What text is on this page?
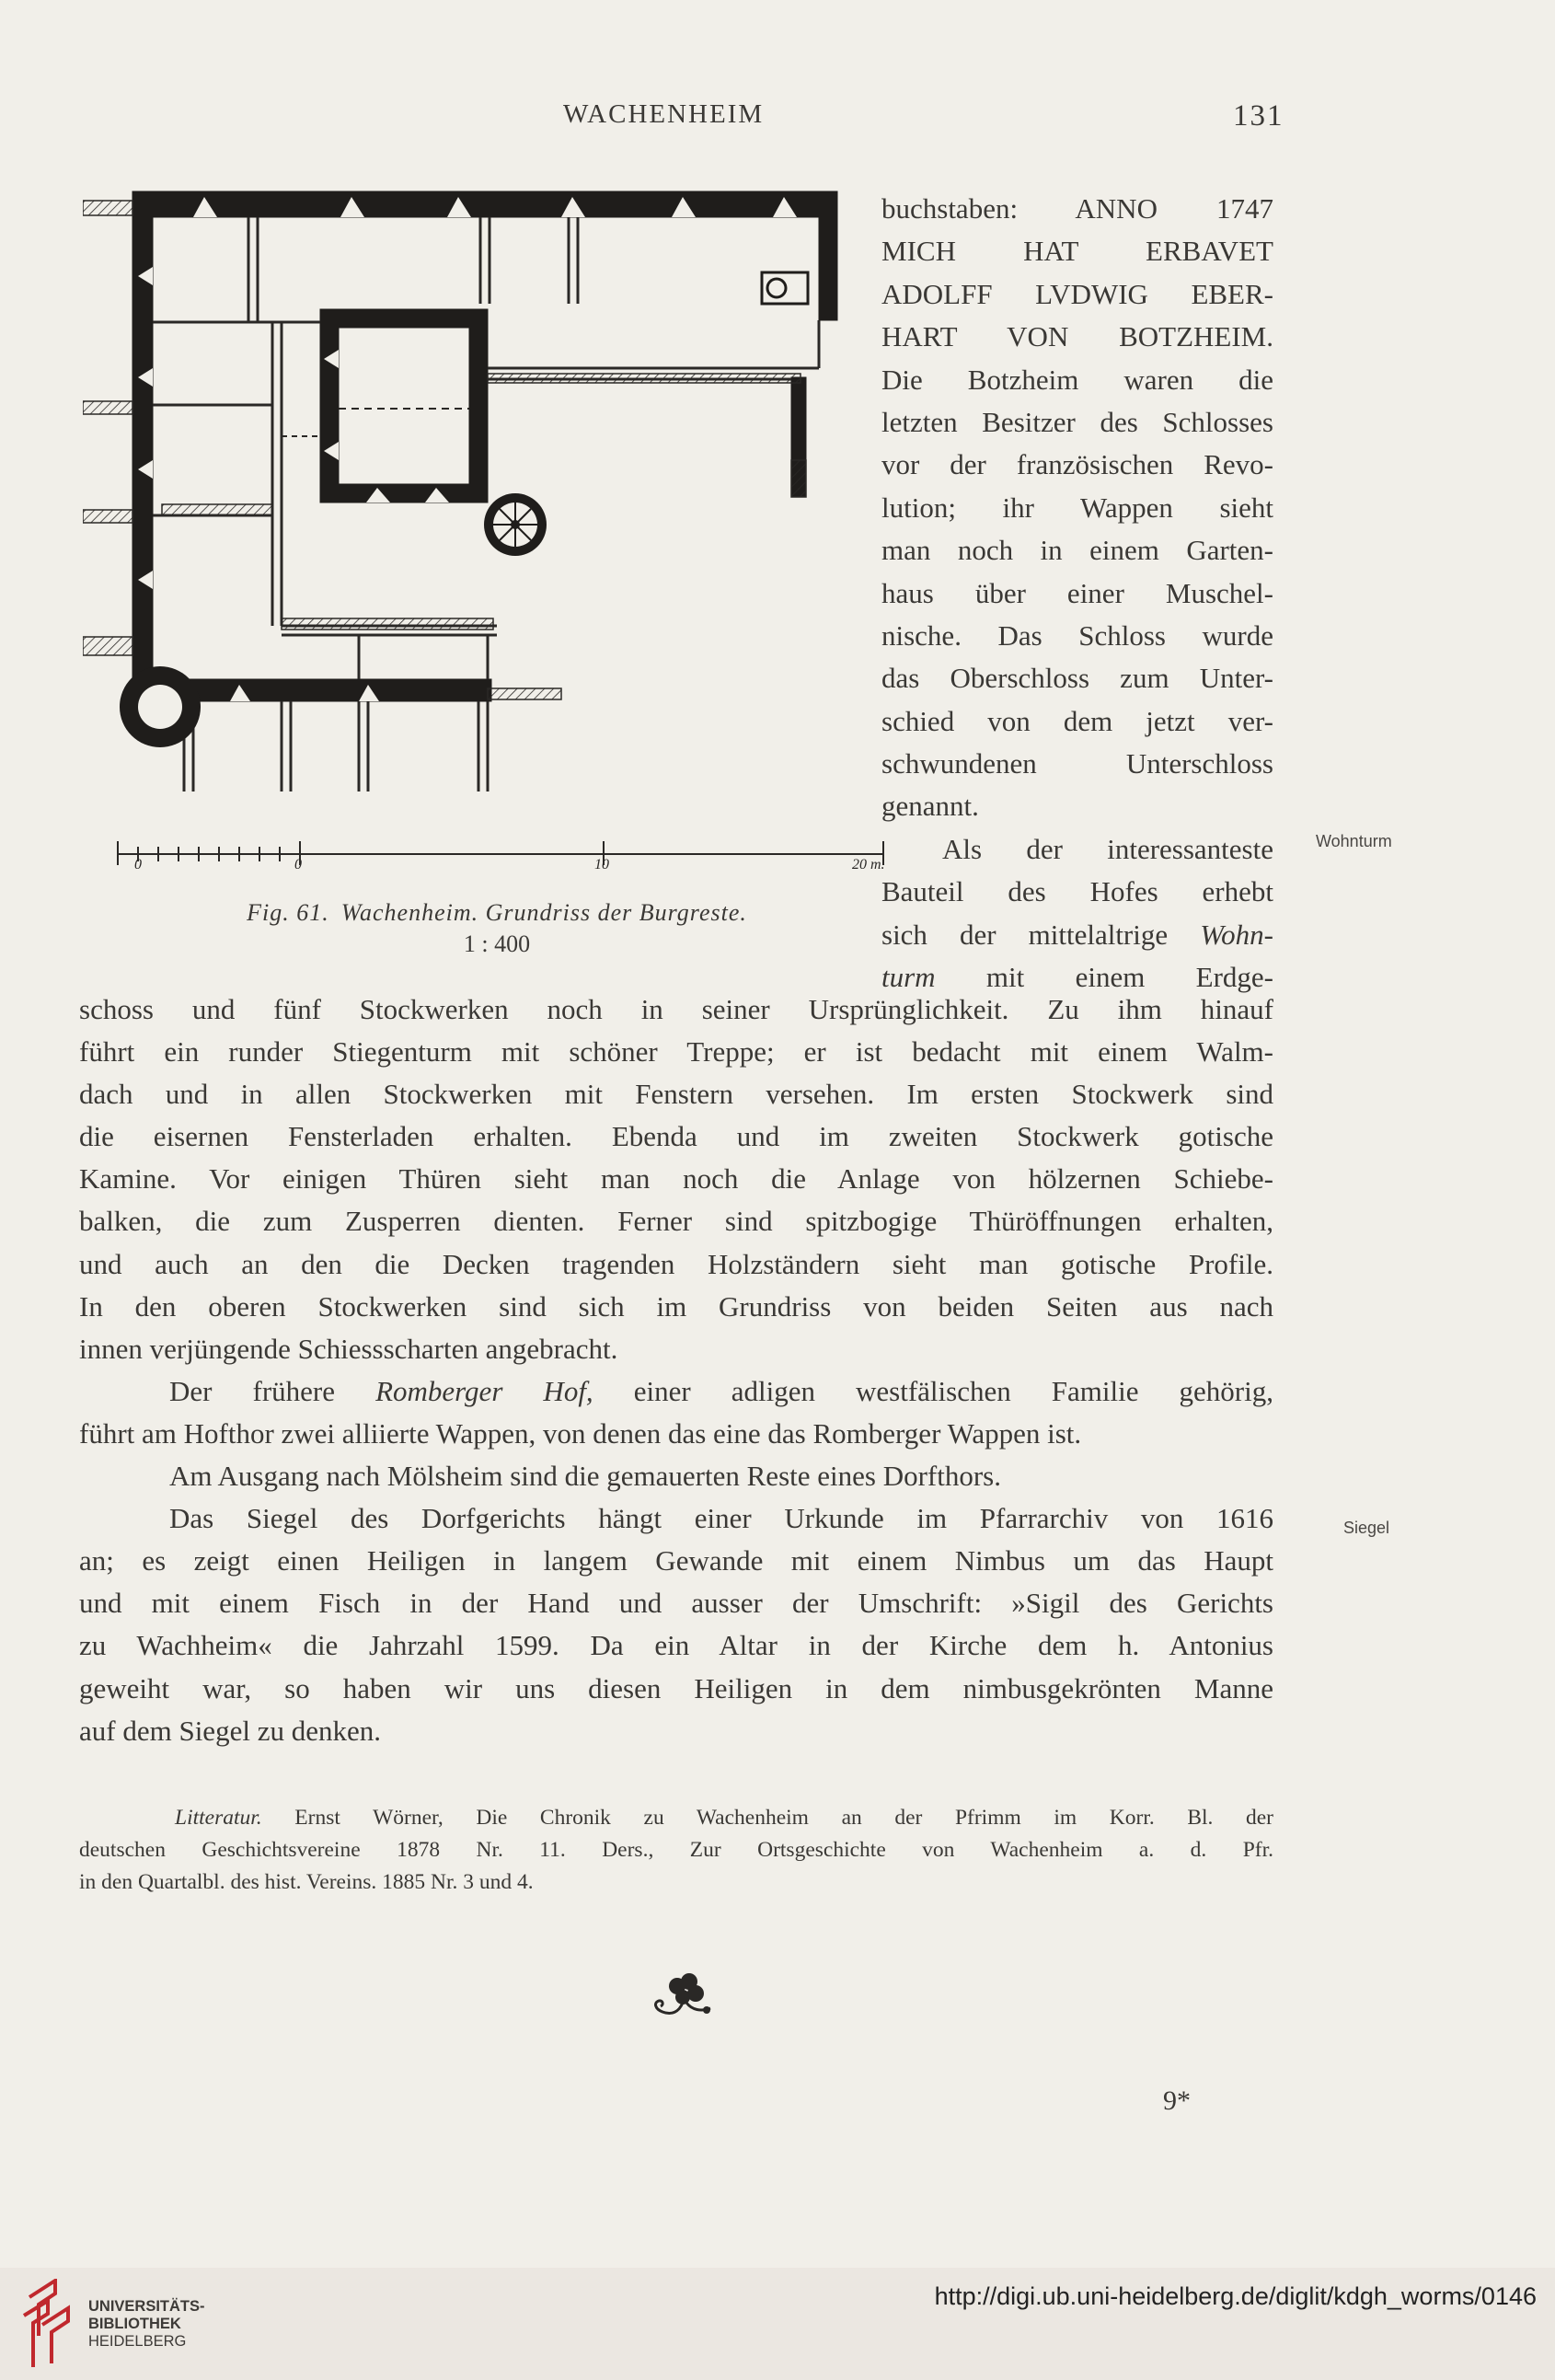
WACHENHEIM	131
0	0	10	20 m.
Fig. 61. Wachenheim. Grundriss der Burgreste.
1 : 400
buchstaben: ANNO 1747
MICH HAT ERBAVET
ADOLFF LVDWIG EBER-
HART VON BOTZHEIM.
Die Botzheim waren die
letzten Besitzer des Schlosses
vor der französischen Revo-
lution; ihr Wappen sieht
man noch in einem Garten-
haus über einer Muschel-
nische. Das Schloss wurde
das Oberschloss zum Unter-
schied von dem jetzt ver-
schwundenen Unterschloss
genannt.
Als der interessanteste
Bauteil des Hofes erhebt
sich der mittelaltrige Wohn-
turm mit einem Erdge-
Wohnturm
Siegel
schoss und fünf Stockwerken noch in seiner Ursprünglichkeit. Zu ihm hinauf
führt ein runder Stiegenturm mit schöner Treppe; er ist bedacht mit einem Walm-
dach und in allen Stockwerken mit Fenstern versehen. Im ersten Stockwerk sind
die eisernen Fensterladen erhalten. Ebenda und im zweiten Stockwerk gotische
Kamine. Vor einigen Thüren sieht man noch die Anlage von hölzernen Schiebe-
balken, die zum Zusperren dienten. Ferner sind spitzbogige Thüröffnungen erhalten,
und auch an den die Decken tragenden Holzständern sieht man gotische Profile.
In den oberen Stockwerken sind sich im Grundriss von beiden Seiten aus nach
innen verjüngende Schiessscharten angebracht.
Der frühere Romberger Hof, einer adligen westfälischen Familie gehörig,
führt am Hofthor zwei alliierte Wappen, von denen das eine das Romberger Wappen ist.
Am Ausgang nach Mölsheim sind die gemauerten Reste eines Dorfthors.
Das Siegel des Dorfgerichts hängt einer Urkunde im Pfarrarchiv von 1616
an; es zeigt einen Heiligen in langem Gewande mit einem Nimbus um das Haupt
und mit einem Fisch in der Hand und ausser der Umschrift: »Sigil des Gerichts
zu Wachheim« die Jahrzahl 1599. Da ein Altar in der Kirche dem h. Antonius
geweiht war, so haben wir uns diesen Heiligen in dem nimbusgekrönten Manne
auf dem Siegel zu denken.
Litteratur. Ernst Wörner, Die Chronik zu Wachenheim an der Pfrimm im Korr. Bl. der
deutschen Geschichtsvereine 1878 Nr. 11. Ders., Zur Ortsgeschichte von Wachenheim a. d. Pfr.
in den Quartalbl. des hist. Vereins. 1885 Nr. 3 und 4.
9*
UNIVERSITÄTS-
BIBLIOTHEK
HEIDELBERG
http://digi.ub.uni-heidelberg.de/diglit/kdgh_worms/0146
